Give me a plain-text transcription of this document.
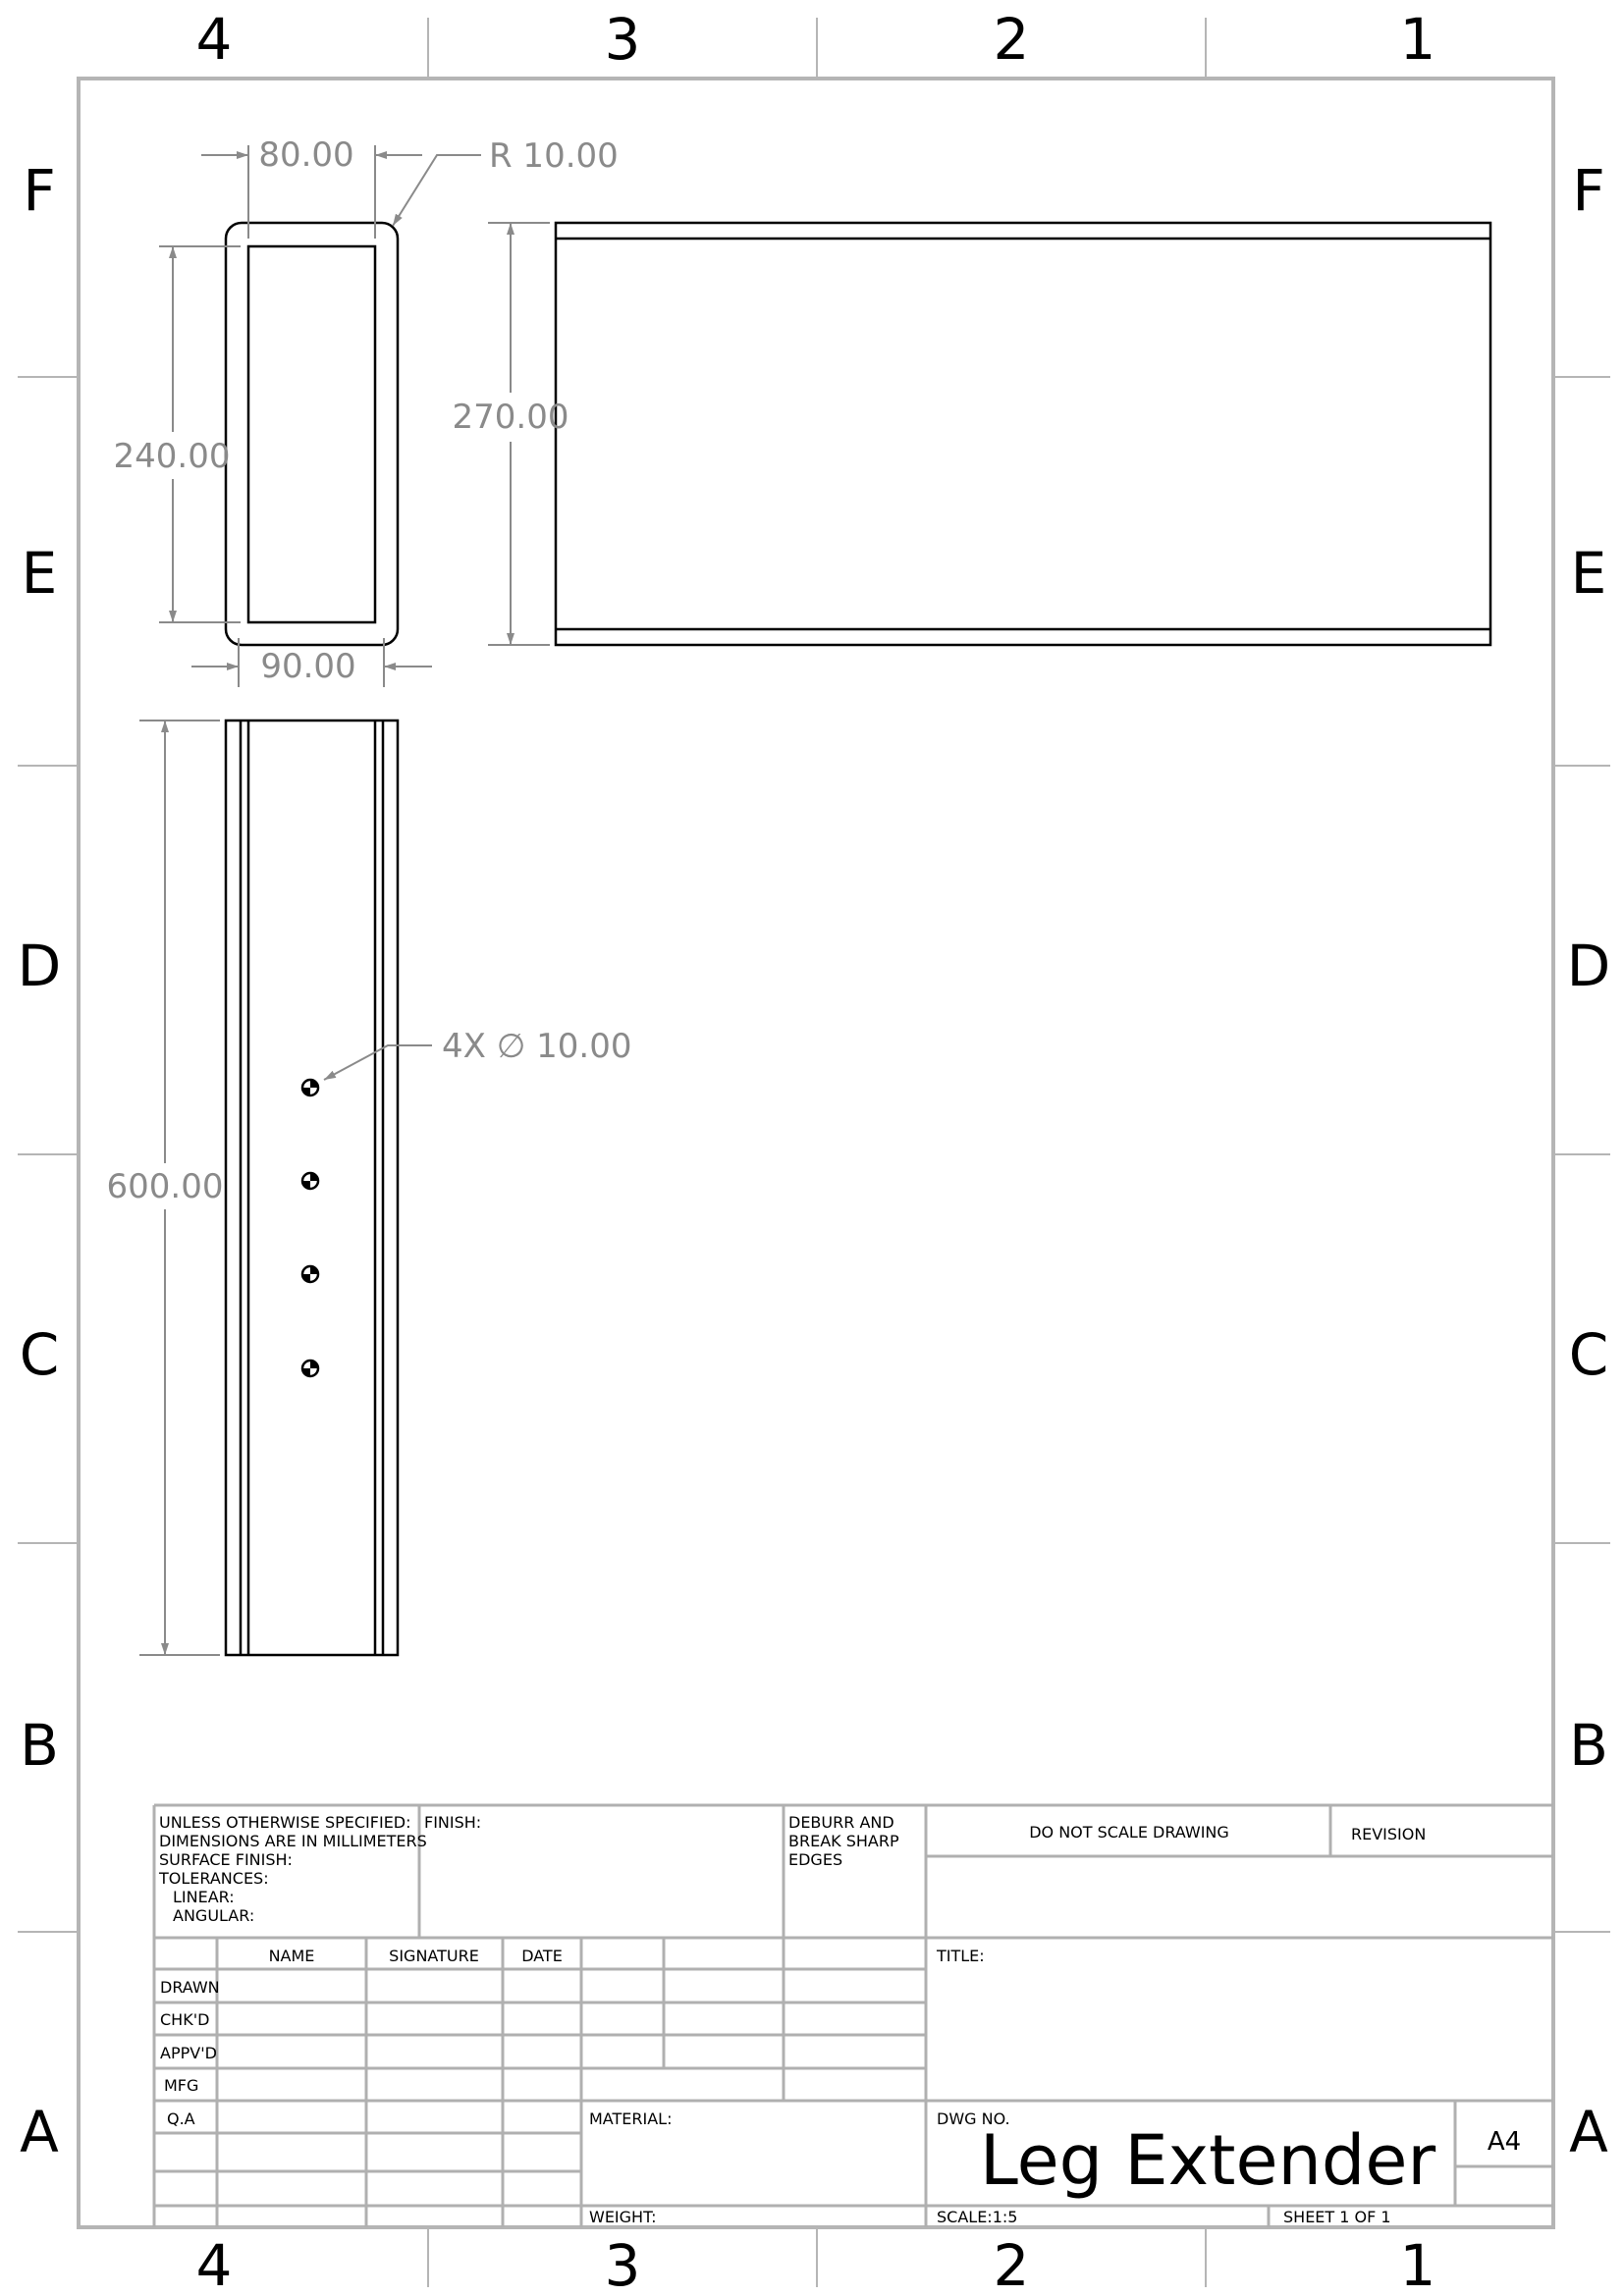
4	3	2	1
4	3	2	1
F
E
D
C
B
A
F
E
D
C
B
A
80.00	R 10.00
240.00
90.00
270.00
600.00
4X ∅ 10.00
UNLESS OTHERWISE SPECIFIED:
DIMENSIONS ARE IN MILLIMETERS
SURFACE FINISH:
TOLERANCES:
LINEAR:
ANGULAR:
FINISH:	DEBURR AND
BREAK SHARP
EDGES
DO NOT SCALE DRAWING	REVISION
NAME	SIGNATURE	DATE
DRAWN
CHK'D
APPV'D
MFG
Q.A
TITLE:
MATERIAL:
WEIGHT:
DWG NO.
Leg Extender A4
SCALE:1:5	SHEET 1 OF 1
